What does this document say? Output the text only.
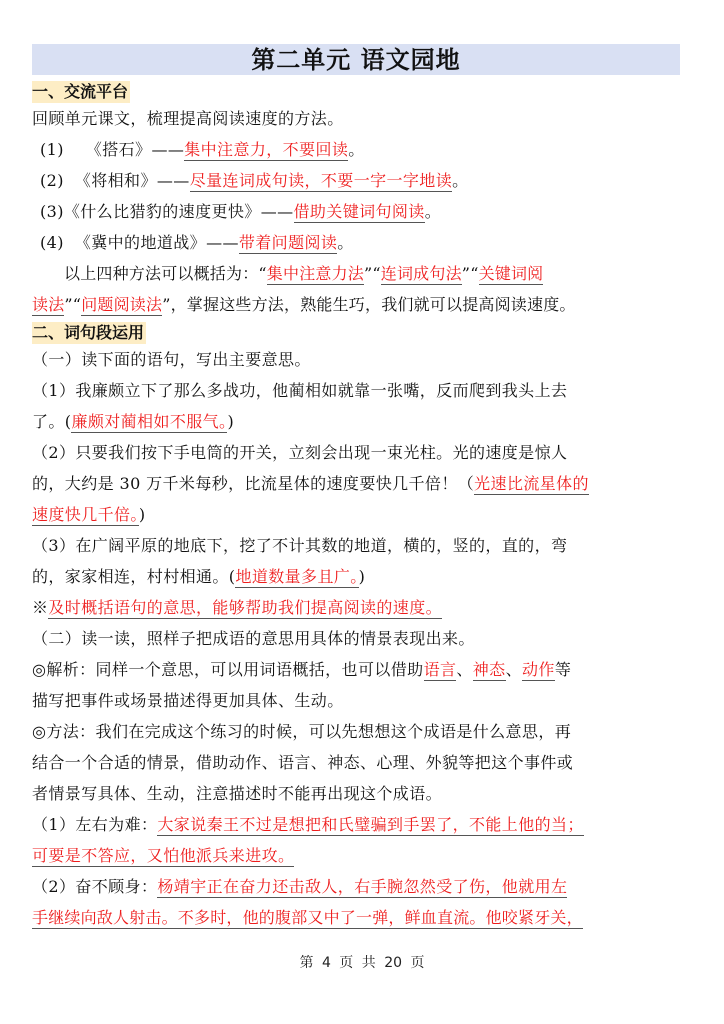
第二单元 语文园地
一、交流平台
回顾单元课文，梳理提高阅读速度的方法。
(1) 《搭石》——集中注意力，不要回读。
(2) 《将相和》——尽量连词成句读，不要一字一字地读。
(3)《什么比猎豹的速度更快》——借助关键词句阅读。
(4) 《冀中的地道战》——带着问题阅读。
以上四种方法可以概括为：“集中注意力法”“连词成句法”“关键词阅
读法”“问题阅读法”，掌握这些方法，熟能生巧，我们就可以提高阅读速度。
二、词句段运用
（一）读下面的语句，写出主要意思。
（1）我廉颇立下了那么多战功，他蔺相如就靠一张嘴，反而爬到我头上去
了。(廉颇对蔺相如不服气。)
（2）只要我们按下手电筒的开关，立刻会出现一束光柱。光的速度是惊人
的，大约是 30 万千米每秒，比流星体的速度要快几千倍！（光速比流星体的
速度快几千倍。)
（3）在广阔平原的地底下，挖了不计其数的地道，横的，竖的，直的，弯
的，家家相连，村村相通。(地道数量多且广。)
※及时概括语句的意思，能够帮助我们提高阅读的速度。
（二）读一读，照样子把成语的意思用具体的情景表现出来。
◎解析：同样一个意思，可以用词语概括，也可以借助语言、神态、动作等
描写把事件或场景描述得更加具体、生动。
◎方法：我们在完成这个练习的时候，可以先想想这个成语是什么意思，再
结合一个合适的情景，借助动作、语言、神态、心理、外貌等把这个事件或
者情景写具体、生动，注意描述时不能再出现这个成语。
（1）左右为难：大家说秦王不过是想把和氏璧骗到手罢了，不能上他的当；
可要是不答应，又怕他派兵来进攻。
（2）奋不顾身：杨靖宇正在奋力还击敌人，右手腕忽然受了伤，他就用左
手继续向敌人射击。不多时，他的腹部又中了一弹，鲜血直流。他咬紧牙关，
第 4 页 共 20 页
